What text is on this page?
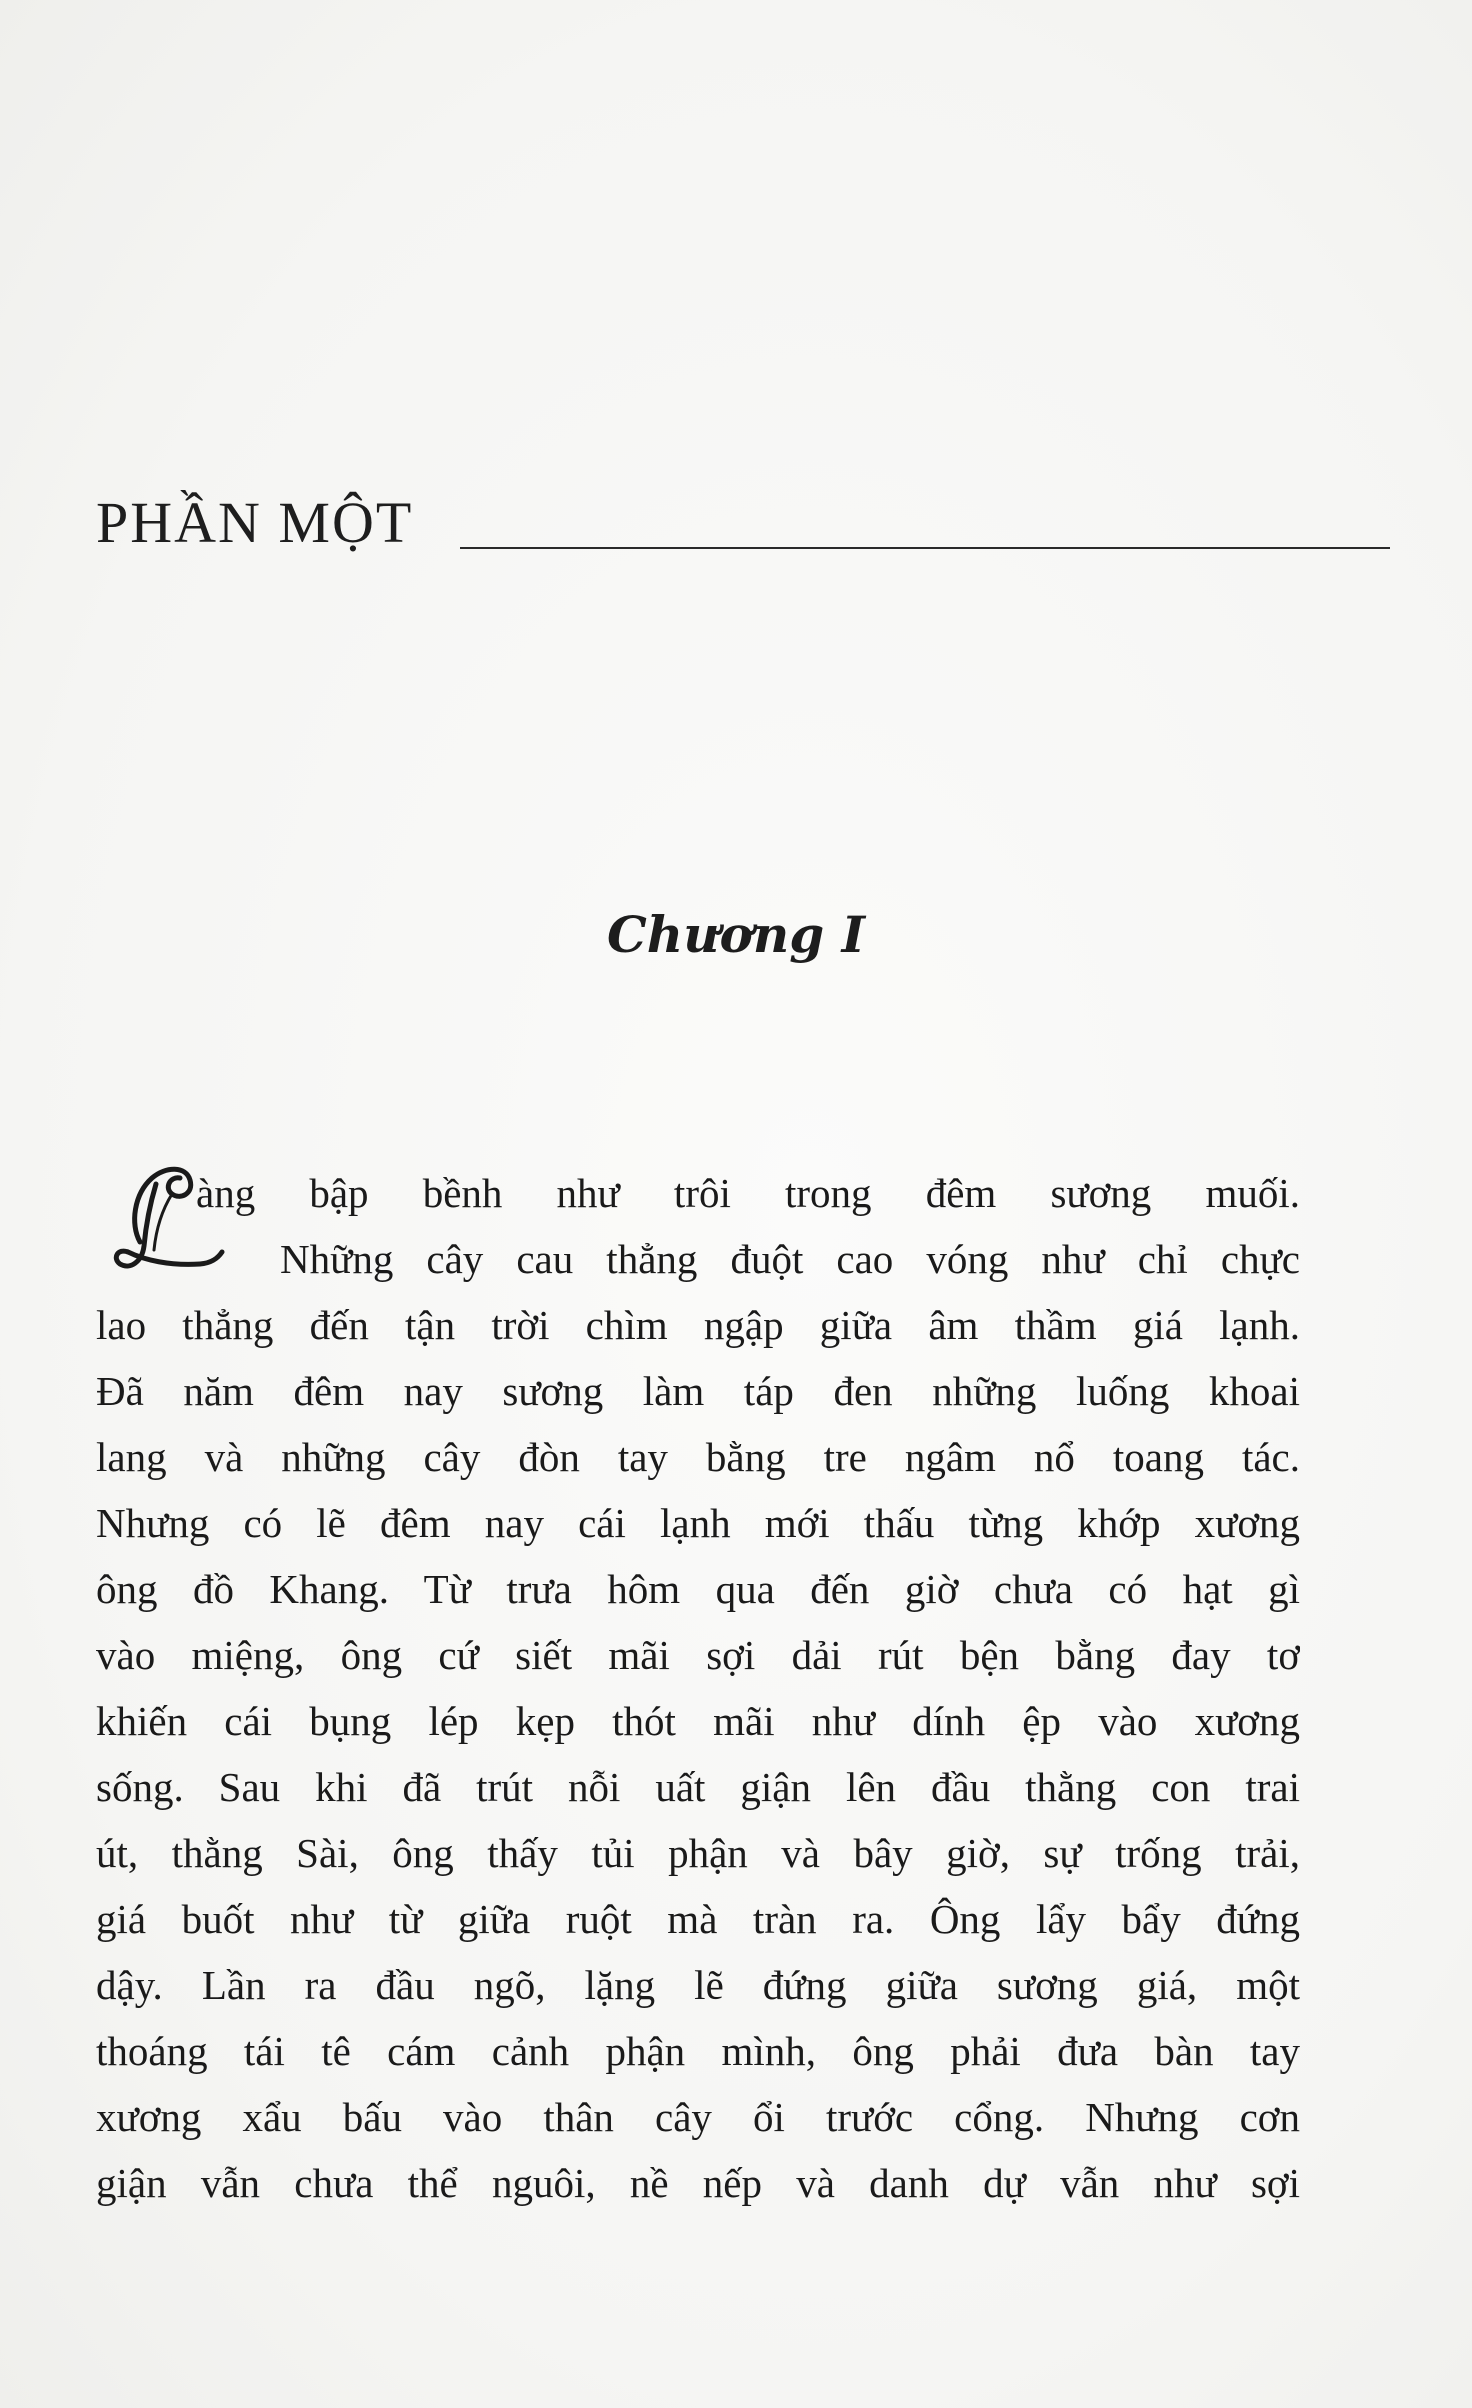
PHẦN MỘT
Chương I
àng bập bềnh như trôi trong đêm sương muối.
Những cây cau thẳng đuột cao vóng như chỉ chực
lao thẳng đến tận trời chìm ngập giữa âm thầm giá lạnh.
Đã năm đêm nay sương làm táp đen những luống khoai
lang và những cây đòn tay bằng tre ngâm nổ toang tác.
Nhưng có lẽ đêm nay cái lạnh mới thấu từng khớp xương
ông đồ Khang. Từ trưa hôm qua đến giờ chưa có hạt gì
vào miệng, ông cứ siết mãi sợi dải rút bện bằng đay tơ
khiến cái bụng lép kẹp thót mãi như dính ệp vào xương
sống. Sau khi đã trút nỗi uất giận lên đầu thằng con trai
út, thằng Sài, ông thấy tủi phận và bây giờ, sự trống trải,
giá buốt như từ giữa ruột mà tràn ra. Ông lẩy bẩy đứng
dậy. Lần ra đầu ngõ, lặng lẽ đứng giữa sương giá, một
thoáng tái tê cám cảnh phận mình, ông phải đưa bàn tay
xương xẩu bấu vào thân cây ổi trước cổng. Nhưng cơn
giận vẫn chưa thể nguôi, nề nếp và danh dự vẫn như sợi
